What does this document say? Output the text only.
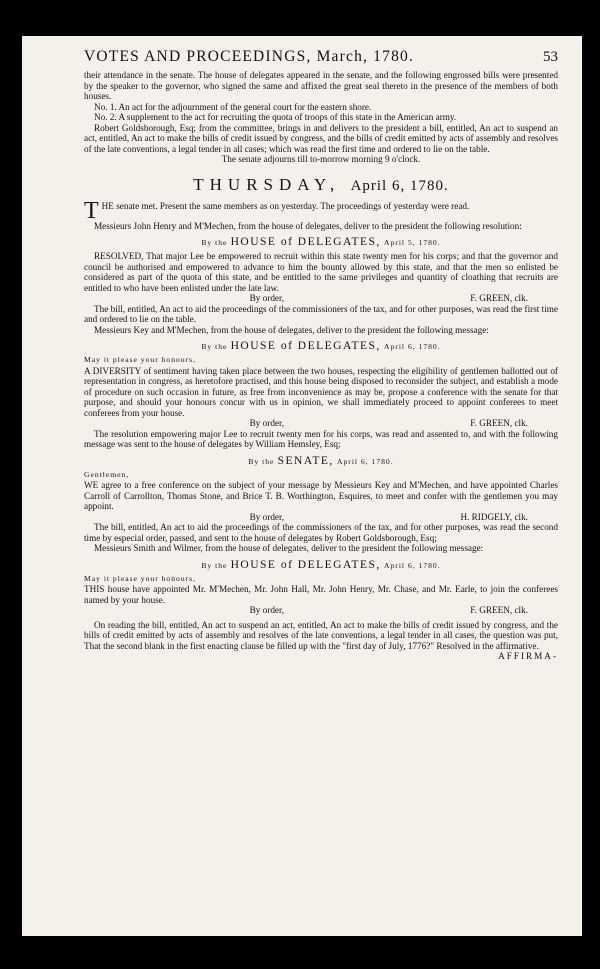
VOTES AND PROCEEDINGS, March, 1780.	53

their attendance in the senate. The house of delegates appeared in the senate, and the following engrossed bills were presented by the speaker to the governor, who signed the same and affixed the great seal thereto in the presence of the members of both houses.

No. 1. An act for the adjournment of the general court for the eastern shore.

No. 2. A supplement to the act for recruiting the quota of troops of this state in the American army.

Robert Goldsborough, Esq; from the committee, brings in and delivers to the president a bill, entitled, An act to suspend an act, entitled, An act to make the bills of credit issued by congress, and the bills of credit emitted by acts of assembly and resolves of the late conventions, a legal tender in all cases; which was read the first time and ordered to lie on the table.

The senate adjourns till to-morrow morning 9 o'clock.
THURSDAY, April 6, 1780.

T HE senate met. Present the same members as on yesterday. The proceedings of yesterday were read.

Messieurs John Henry and M'Mechen, from the house of delegates, deliver to the president the following resolution:

By the HOUSE of DELEGATES, April 5, 1780.

RESOLVED, That major Lee be empowered to recruit within this state twenty men for his corps; and that the governor and council be authorised and empowered to advance to him the bounty allowed by this state, and that the men so enlisted be considered as part of the quota of this state, and be entitled to the same privileges and quantity of cloathing that recruits are entitled to who have been enlisted under the late law.

By order,	F. GREEN, clk.

The bill, entitled, An act to aid the proceedings of the commissioners of the tax, and for other purposes, was read the first time and ordered to lie on the table.

Messieurs Key and M'Mechen, from the house of delegates, deliver to the president the following message:

By the HOUSE of DELEGATES, April 6, 1780.

May it please your honours,

A DIVERSITY of sentiment having taken place between the two houses, respecting the eligibility of gentlemen ballotted out of representation in congress, as heretofore practised, and this house being disposed to reconsider the subject, and establish a mode of procedure on such occasion in future, as free from inconvenience as may be, propose a conference with the senate for that purpose, and should your honours concur with us in opinion, we shall immediately proceed to appoint conferees to meet conferees from your house.

By order,	F. GREEN, clk.

The resolution empowering major Lee to recruit twenty men for his corps, was read and assented to, and with the following message was sent to the house of delegates by William Hemsley, Esq;

By the SENATE, April 6, 1780.

Gentlemen,

WE agree to a free conference on the subject of your message by Messieurs Key and M'Mechen, and have appointed Charles Carroll of Carrollton, Thomas Stone, and Brice T. B. Worthington, Esquires, to meet and confer with the gentlemen you may appoint.

By order,	H. RIDGELY, clk.

The bill, entitled, An act to aid the proceedings of the commissioners of the tax, and for other purposes, was read the second time by especial order, passed, and sent to the house of delegates by Robert Goldsborough, Esq;

Messieurs Smith and Wilmer, from the house of delegates, deliver to the president the following message:

By the HOUSE of DELEGATES, April 6, 1780.

May it please your honours,

THIS house have appointed Mr. M'Mechen, Mr. John Hall, Mr. John Henry, Mr. Chase, and Mr. Earle, to join the conferees named by your house.

By order,	F. GREEN, clk.

On reading the bill, entitled, An act to suspend an act, entitled, An act to make the bills of credit issued by congress, and the bills of credit emitted by acts of assembly and resolves of the late conventions, a legal tender in all cases, the question was put, That the second blank in the first enacting clause be filled up with the "first day of July, 1776?" Resolved in the affirmative.

AFFIRMA-
